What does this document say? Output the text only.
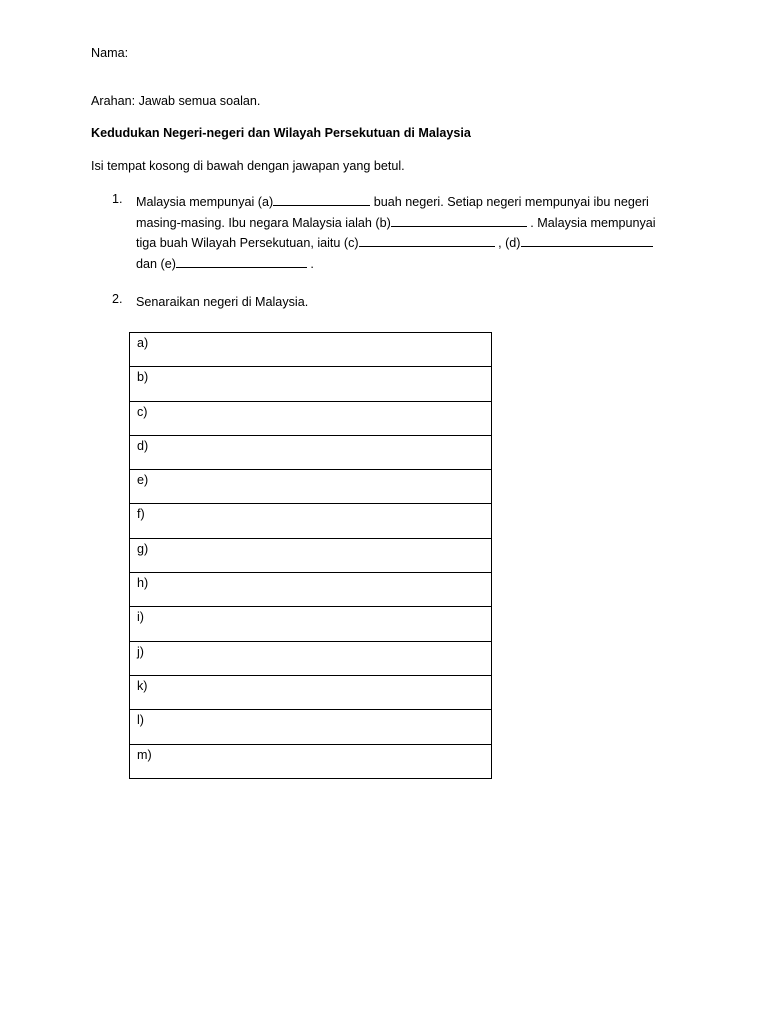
Nama:
Arahan: Jawab semua soalan.
Kedudukan Negeri-negeri dan Wilayah Persekutuan di Malaysia
Isi tempat kosong di bawah dengan jawapan yang betul.
1. Malaysia mempunyai (a)	buah negeri. Setiap negeri mempunyai ibu negeri
masing-masing. Ibu negara Malaysia ialah (b)	. Malaysia mempunyai
tiga buah Wilayah Persekutuan, iaitu (c)	, (d)
dan (e)	.
2. Senaraikan negeri di Malaysia.
a)
b)
c)
d)
e)
f)
g)
h)
i)
j)
k)
l)
m)
